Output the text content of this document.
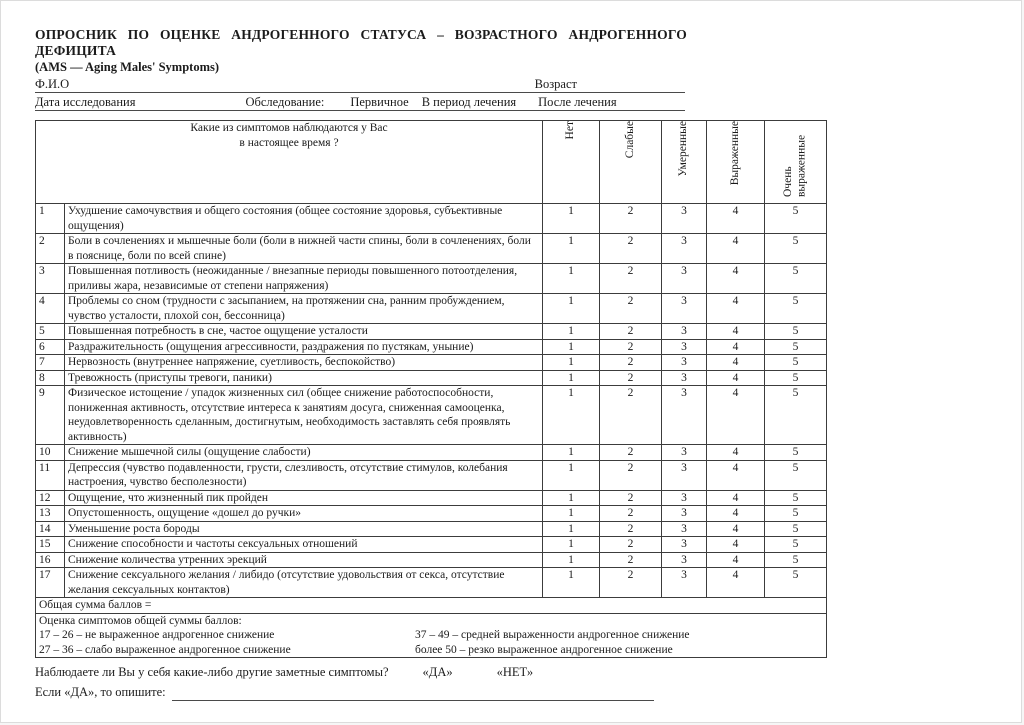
ОПРОСНИК ПО ОЦЕНКЕ АНДРОГЕННОГО СТАТУСА – ВОЗРАСТНОГО АНДРОГЕННОГО ДЕФИЦИТА
(AMS — Aging Males' Symptoms)
Ф.И.О	Возраст
Дата исследования	Обследование: Первичное В период лечения После лечения
Какие из симптомов наблюдаются у Вас
в настоящее время ?		Нет	Слабые	Умеренные	Выраженные	Очень выраженные
1	Ухудшение самочувствия и общего состояния (общее состояние здоровья, субъективные ощущения)	1	2	3	4	5
2	Боли в сочленениях и мышечные боли (боли в нижней части спины, боли в сочленениях, боли в пояснице, боли по всей спине)	1	2	3	4	5
3	Повышенная потливость (неожиданные / внезапные периоды повышенного потоотделения, приливы жара, независимые от степени напряжения)	1	2	3	4	5
4	Проблемы со сном (трудности с засыпанием, на протяжении сна, ранним пробуждением, чувство усталости, плохой сон, бессонница)	1	2	3	4	5
5	Повышенная потребность в сне, частое ощущение усталости	1	2	3	4	5
6	Раздражительность (ощущения агрессивности, раздражения по пустякам, уныние)	1	2	3	4	5
7	Нервозность (внутреннее напряжение, суетливость, беспокойство)	1	2	3	4	5
8	Тревожность (приступы тревоги, паники)	1	2	3	4	5
9	Физическое истощение / упадок жизненных сил (общее снижение работоспособности, пониженная активность, отсутствие интереса к занятиям досуга, сниженная самооценка, неудовлетворенность сделанным, достигнутым, необходимость заставлять себя проявлять активность)	1	2	3	4	5
10	Снижение мышечной силы (ощущение слабости)	1	2	3	4	5
11	Депрессия (чувство подавленности, грусти, слезливость, отсутствие стимулов, колебания настроения, чувство бесполезности)	1	2	3	4	5
12	Ощущение, что жизненный пик пройден	1	2	3	4	5
13	Опустошенность, ощущение «дошел до ручки»	1	2	3	4	5
14	Уменьшение роста бороды	1	2	3	4	5
15	Снижение способности и частоты сексуальных отношений	1	2	3	4	5
16	Снижение количества утренних эрекций	1	2	3	4	5
17	Снижение сексуального желания / либидо (отсутствие удовольствия от секса, отсутствие желания сексуальных контактов)	1	2	3	4	5
Общая сумма баллов =						

Оценка симптомов общей суммы баллов:
17 – 26 – не выраженное андрогенное снижение
27 – 36 – слабо выраженное андрогенное снижение
37 – 49 – средней выраженности андрогенное снижение
более 50 – резко выраженное андрогенное снижение						
Наблюдаете ли Вы у себя какие-либо другие заметные симптомы?	«ДА»	«НЕТ»
Если «ДА», то опишите:
